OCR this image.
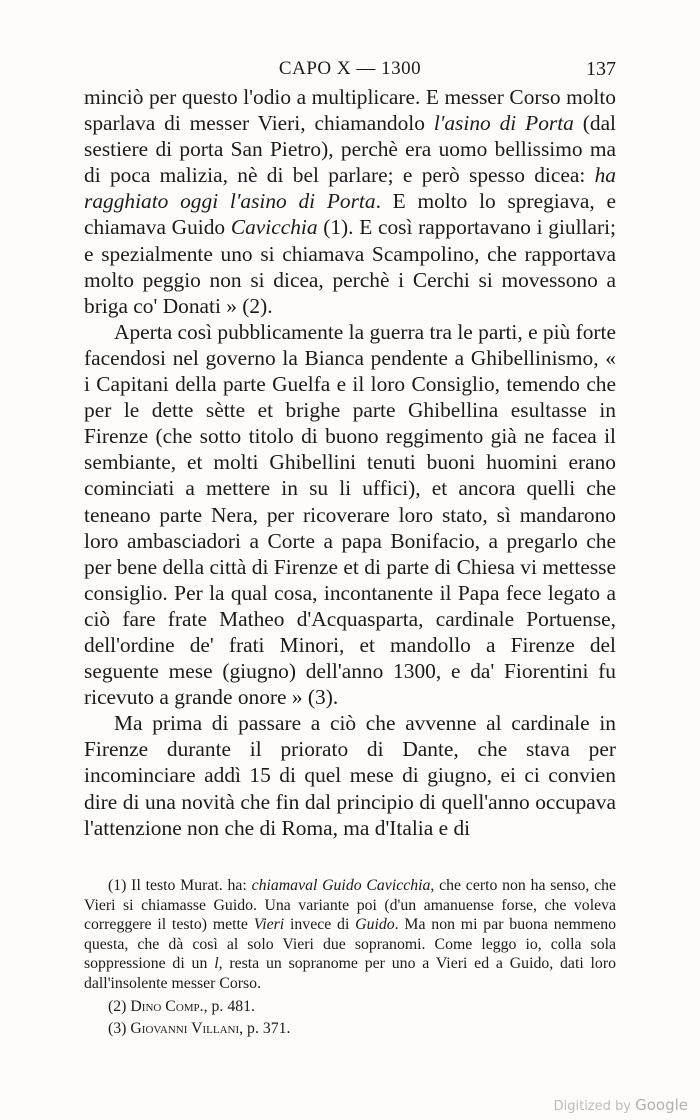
CAPO X — 1300	137

minciò per questo l'odio a multiplicare. E messer Corso molto sparlava di messer Vieri, chiamandolo l'asino di Porta (dal sestiere di porta San Pietro), perchè era uomo bellissimo ma di poca malizia, nè di bel parlare; e però spesso dicea: ha ragghiato oggi l'asino di Porta. E molto lo spregiava, e chiamava Guido Cavicchia (1). E così rapportavano i giullari; e spezialmente uno si chiamava Scampolino, che rapportava molto peggio non si dicea, perchè i Cerchi si movessono a briga co' Donati » (2).

Aperta così pubblicamente la guerra tra le parti, e più forte facendosi nel governo la Bianca pendente a Ghibellinismo, « i Capitani della parte Guelfa e il loro Consiglio, temendo che per le dette sètte et brighe parte Ghibellina esultasse in Firenze (che sotto titolo di buono reggimento già ne facea il sembiante, et molti Ghibellini tenuti buoni huomini erano cominciati a mettere in su li uffici), et ancora quelli che teneano parte Nera, per ricoverare loro stato, sì mandarono loro ambasciadori a Corte a papa Bonifacio, a pregarlo che per bene della città di Firenze et di parte di Chiesa vi mettesse consiglio. Per la qual cosa, incontanente il Papa fece legato a ciò fare frate Matheo d'Acquasparta, cardinale Portuense, dell'ordine de' frati Minori, et mandollo a Firenze del seguente mese (giugno) dell'anno 1300, e da' Fiorentini fu ricevuto a grande onore » (3).

Ma prima di passare a ciò che avvenne al cardinale in Firenze durante il priorato di Dante, che stava per incominciare addì 15 di quel mese di giugno, ei ci convien dire di una novità che fin dal principio di quell'anno occupava l'attenzione non che di Roma, ma d'Italia e di

(1) Il testo Murat. ha: chiamaval Guido Cavicchia, che certo non ha senso, che Vieri si chiamasse Guido. Una variante poi (d'un amanuense forse, che voleva correggere il testo) mette Vieri invece di Guido. Ma non mi par buona nemmeno questa, che dà così al solo Vieri due sopranomi. Come leggo io, colla sola soppressione di un l, resta un sopranome per uno a Vieri ed a Guido, dati loro dall'insolente messer Corso.

(2) Dino Comp., p. 481.

(3) Giovanni Villani, p. 371.

Digitized by Google
